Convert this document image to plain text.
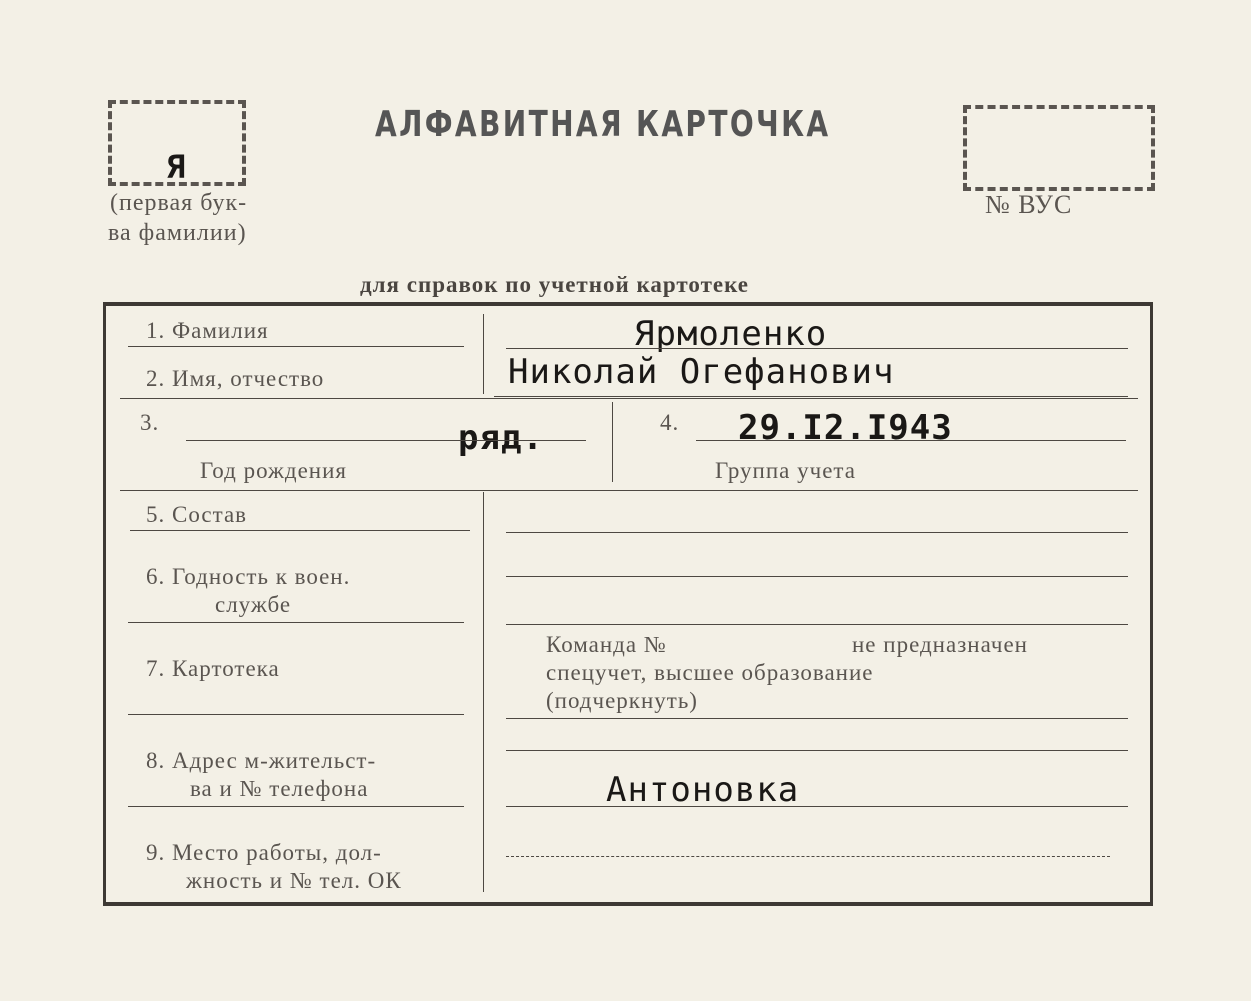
Я
(первая бук-
ва фамилии)
АЛФАВИТНАЯ КАРТОЧКА
№ ВУС
для справок по учетной картотеке
1. Фамилия	Ярмоленко
2. Имя, отчество	Николай Огефанович
3.	ряд.
Год рождения
4. 29.I2.I943
Группа учета
5. Состав
6. Годность к воен.
службе
7. Картотека
Команда №	не предназначен
спецучет, высшее образование
(подчеркнуть)
8. Адрес м-жительст-
ва и № телефона	Антоновка
9. Место работы, дол-
жность и № тел. ОК
